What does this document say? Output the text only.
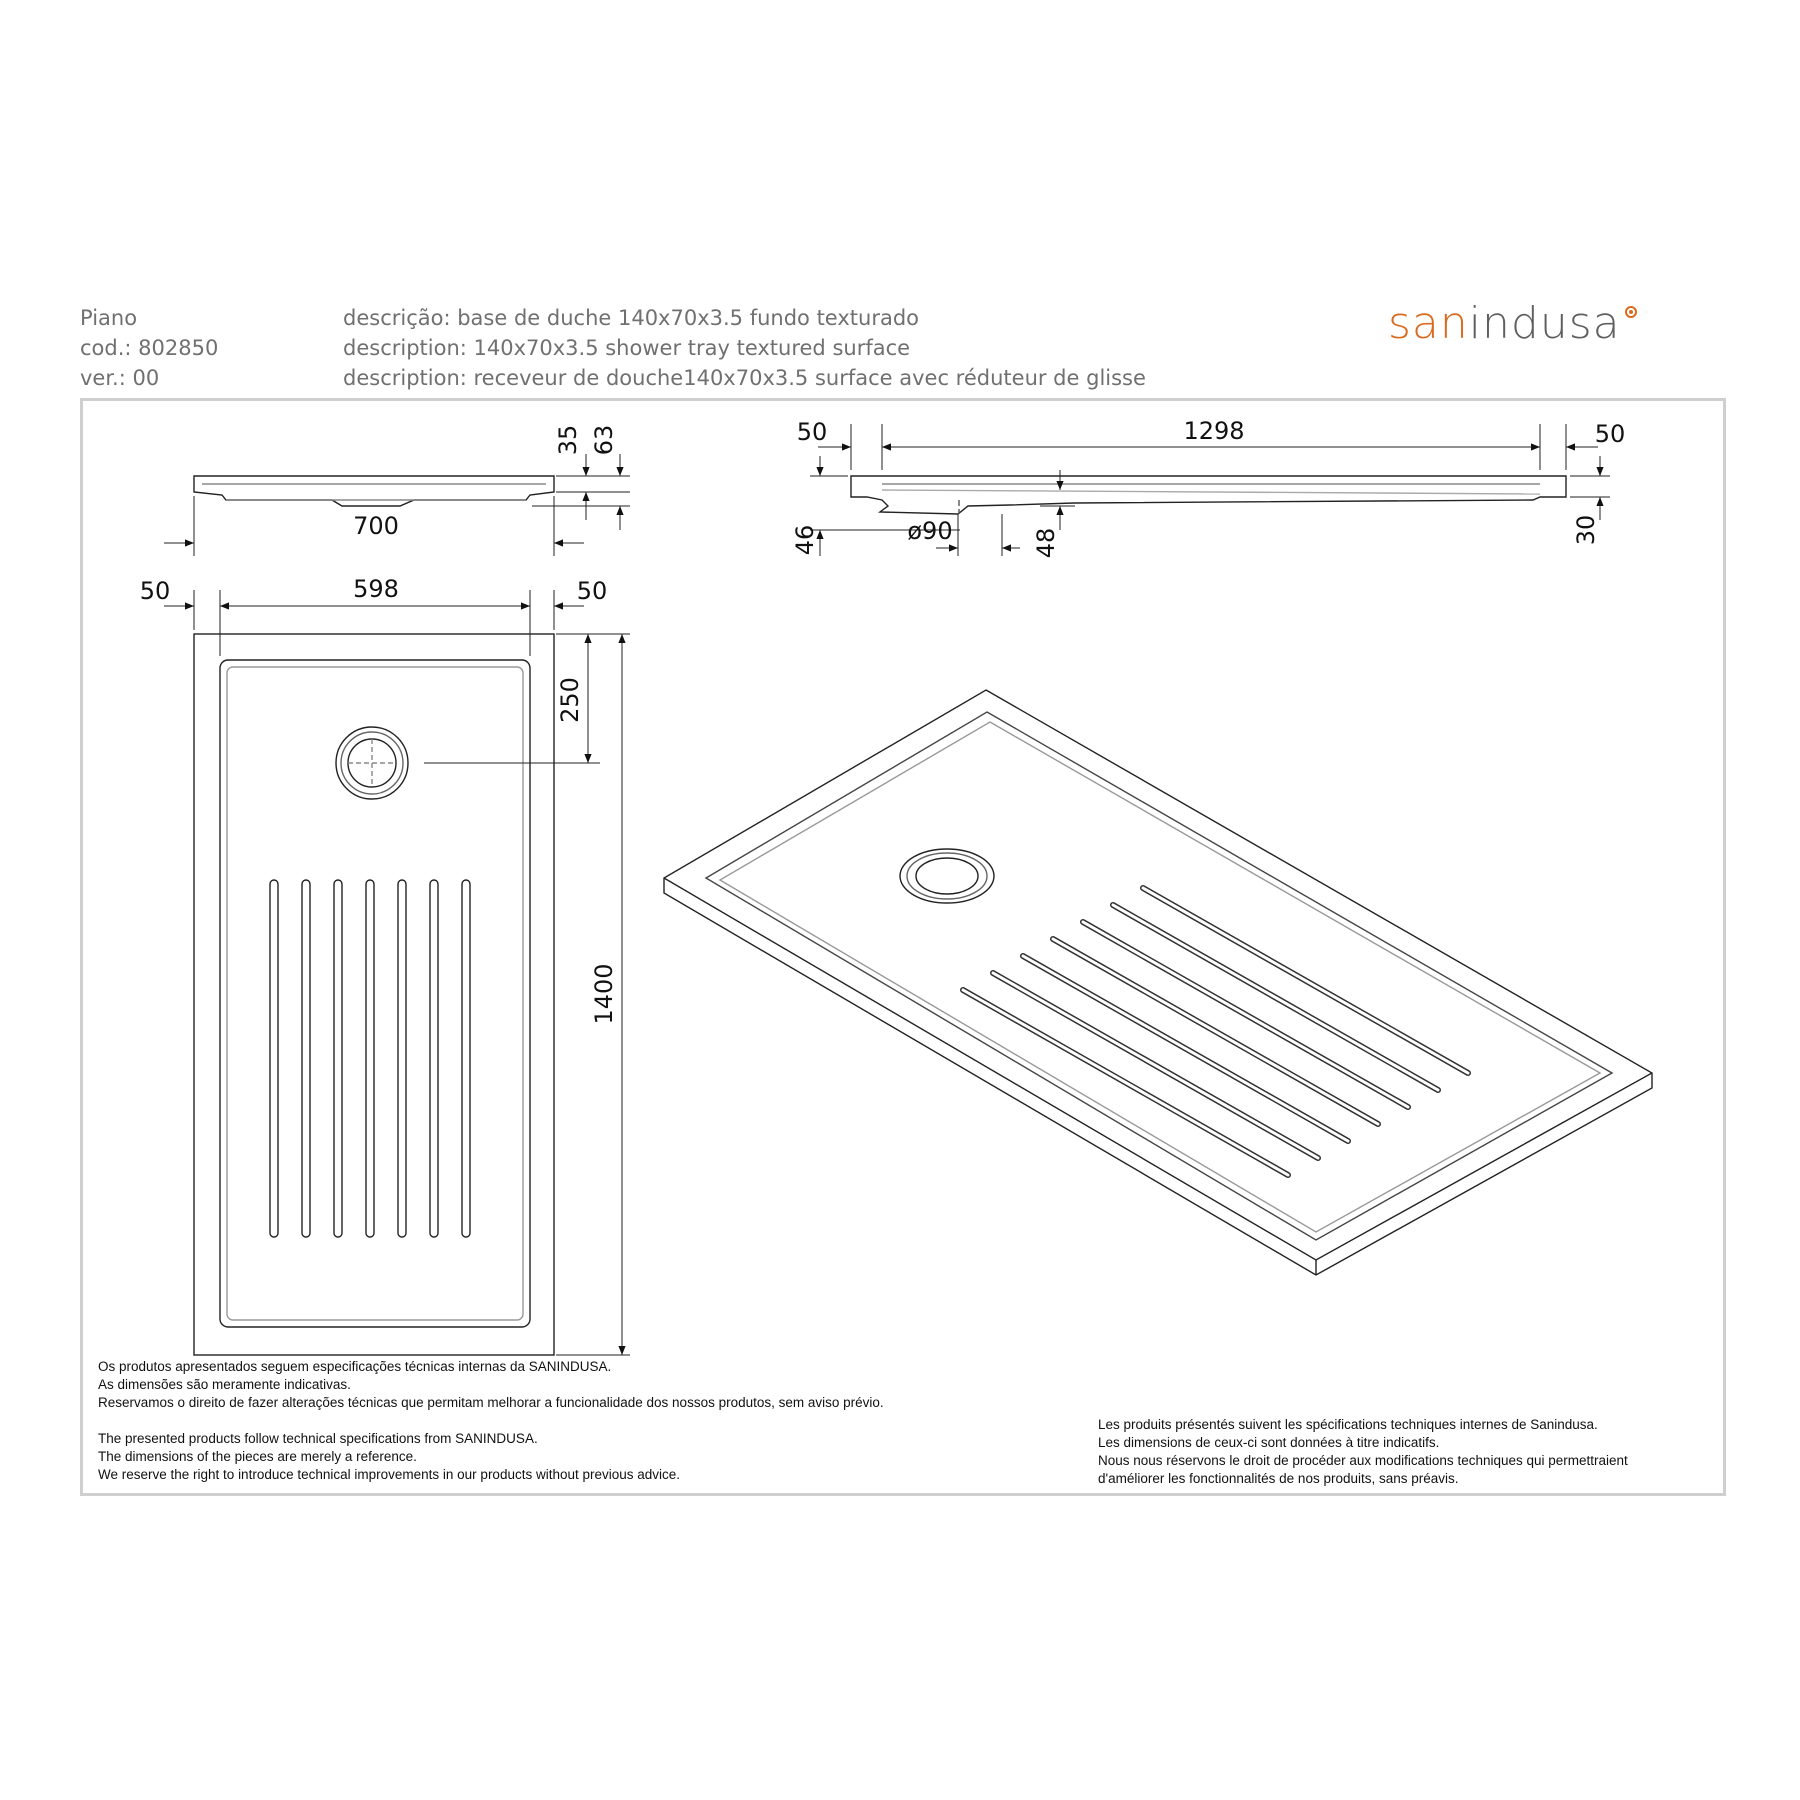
Piano
cod.: 802850
ver.: 00
descrição: base de duche 140x70x3.5 fundo texturado
description: 140x70x3.5 shower tray textured surface
description: receveur de douche140x70x3.5 surface avec réduteur de glisse
sanindusa
700
35 63
50	598	50
250
1400
50	1298	50
46	ø90	48	30
Os produtos apresentados seguem especificações técnicas internas da SANINDUSA.
As dimensões são meramente indicativas.
Reservamos o direito de fazer alterações técnicas que permitam melhorar a funcionalidade dos nossos produtos, sem aviso prévio.
The presented products follow technical specifications from SANINDUSA.
The dimensions of the pieces are merely a reference.
We reserve the right to introduce technical improvements in our products without previous advice.
Les produits présentés suivent les spécifications techniques internes de Sanindusa.
Les dimensions de ceux-ci sont données à titre indicatifs.
Nous nous réservons le droit de procéder aux modifications techniques qui permettraient
d'améliorer les fonctionnalités de nos produits, sans préavis.
